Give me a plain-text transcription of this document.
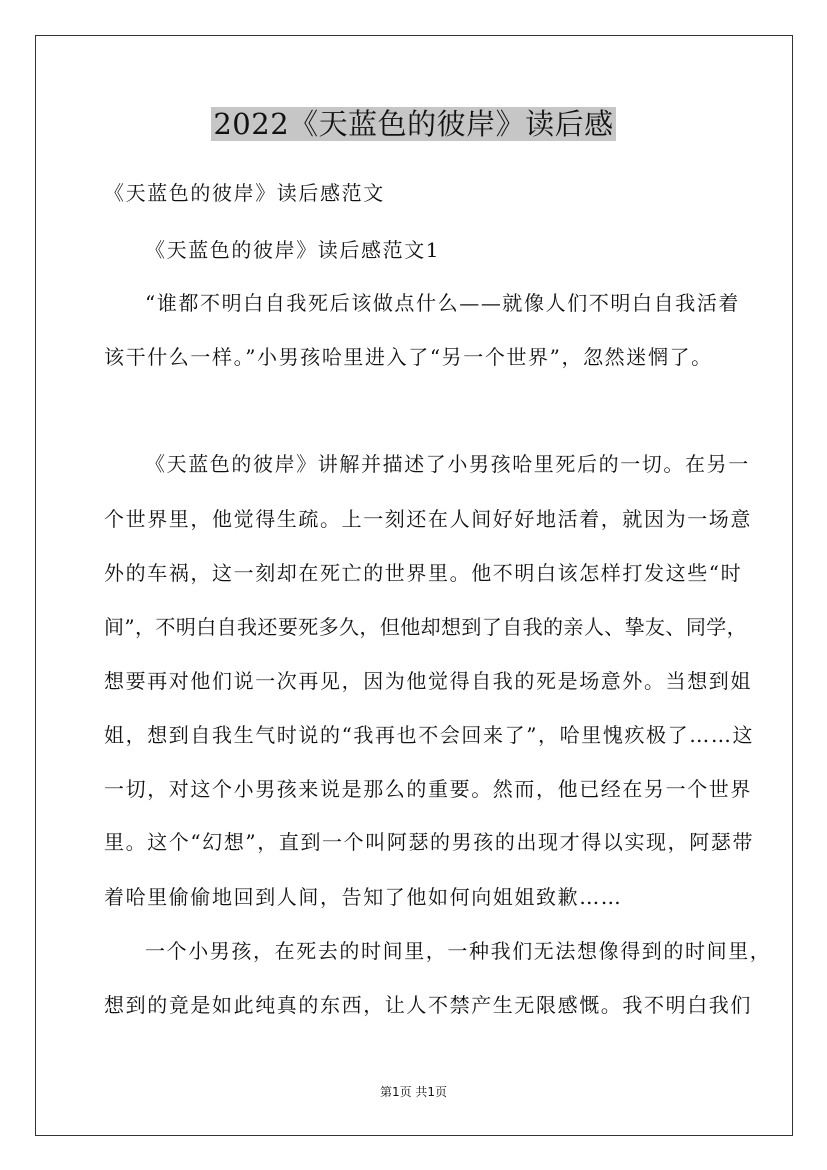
2022《天蓝色的彼岸》读后感
《天蓝色的彼岸》读后感范文
《天蓝色的彼岸》读后感范文1
“谁都不明白自我死后该做点什么——就像人们不明白自我活着
该干什么一样。”小男孩哈里进入了“另一个世界”，忽然迷惘了。
《天蓝色的彼岸》讲解并描述了小男孩哈里死后的一切。在另一
个世界里，他觉得生疏。上一刻还在人间好好地活着，就因为一场意
外的车祸，这一刻却在死亡的世界里。他不明白该怎样打发这些“时
间”，不明白自我还要死多久，但他却想到了自我的亲人、挚友、同学，
想要再对他们说一次再见，因为他觉得自我的死是场意外。当想到姐
姐，想到自我生气时说的“我再也不会回来了”，哈里愧疚极了……这
一切，对这个小男孩来说是那么的重要。然而，他已经在另一个世界
里。这个“幻想”，直到一个叫阿瑟的男孩的出现才得以实现，阿瑟带
着哈里偷偷地回到人间，告知了他如何向姐姐致歉……
一个小男孩，在死去的时间里，一种我们无法想像得到的时间里，
想到的竟是如此纯真的东西，让人不禁产生无限感慨。我不明白我们
第1页 共1页
